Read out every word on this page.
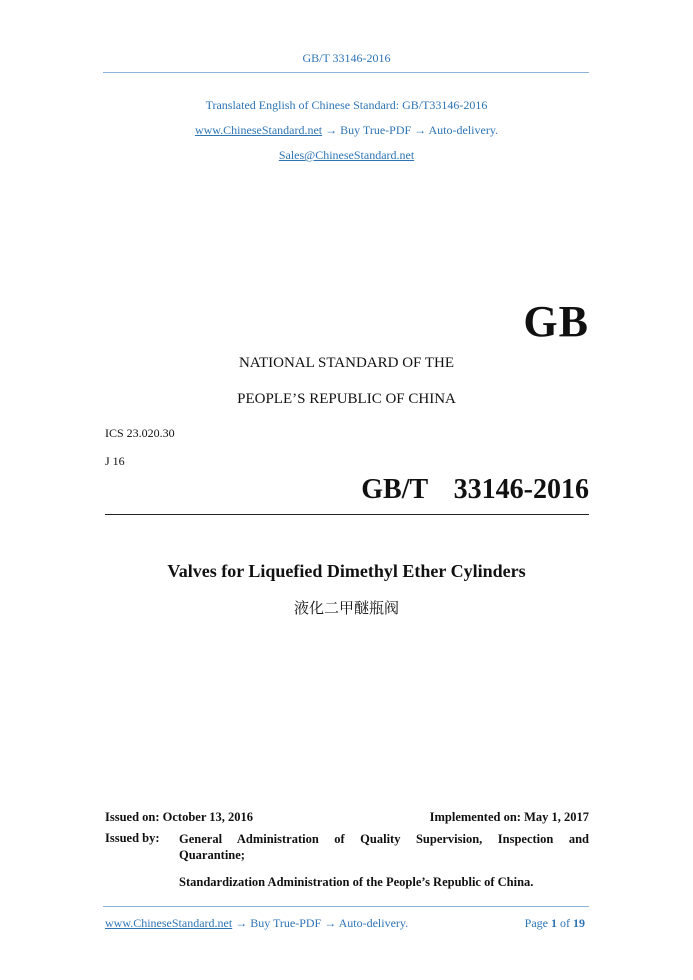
GB/T 33146-2016
Translated English of Chinese Standard: GB/T33146-2016
www.ChineseStandard.net → Buy True-PDF → Auto-delivery.
Sales@ChineseStandard.net
GB
NATIONAL STANDARD OF THE
PEOPLE’S REPUBLIC OF CHINA
ICS 23.020.30
J 16
GB/T  33146-2016
Valves for Liquefied Dimethyl Ether Cylinders
液化二甲醚瓶阀
Issued on: October 13, 2016	Implemented on: May 1, 2017
Issued by:	General Administration of Quality Supervision, Inspection and
Quarantine;
Standardization Administration of the People’s Republic of China.
www.ChineseStandard.net → Buy True-PDF → Auto-delivery.	Page 1 of 19
